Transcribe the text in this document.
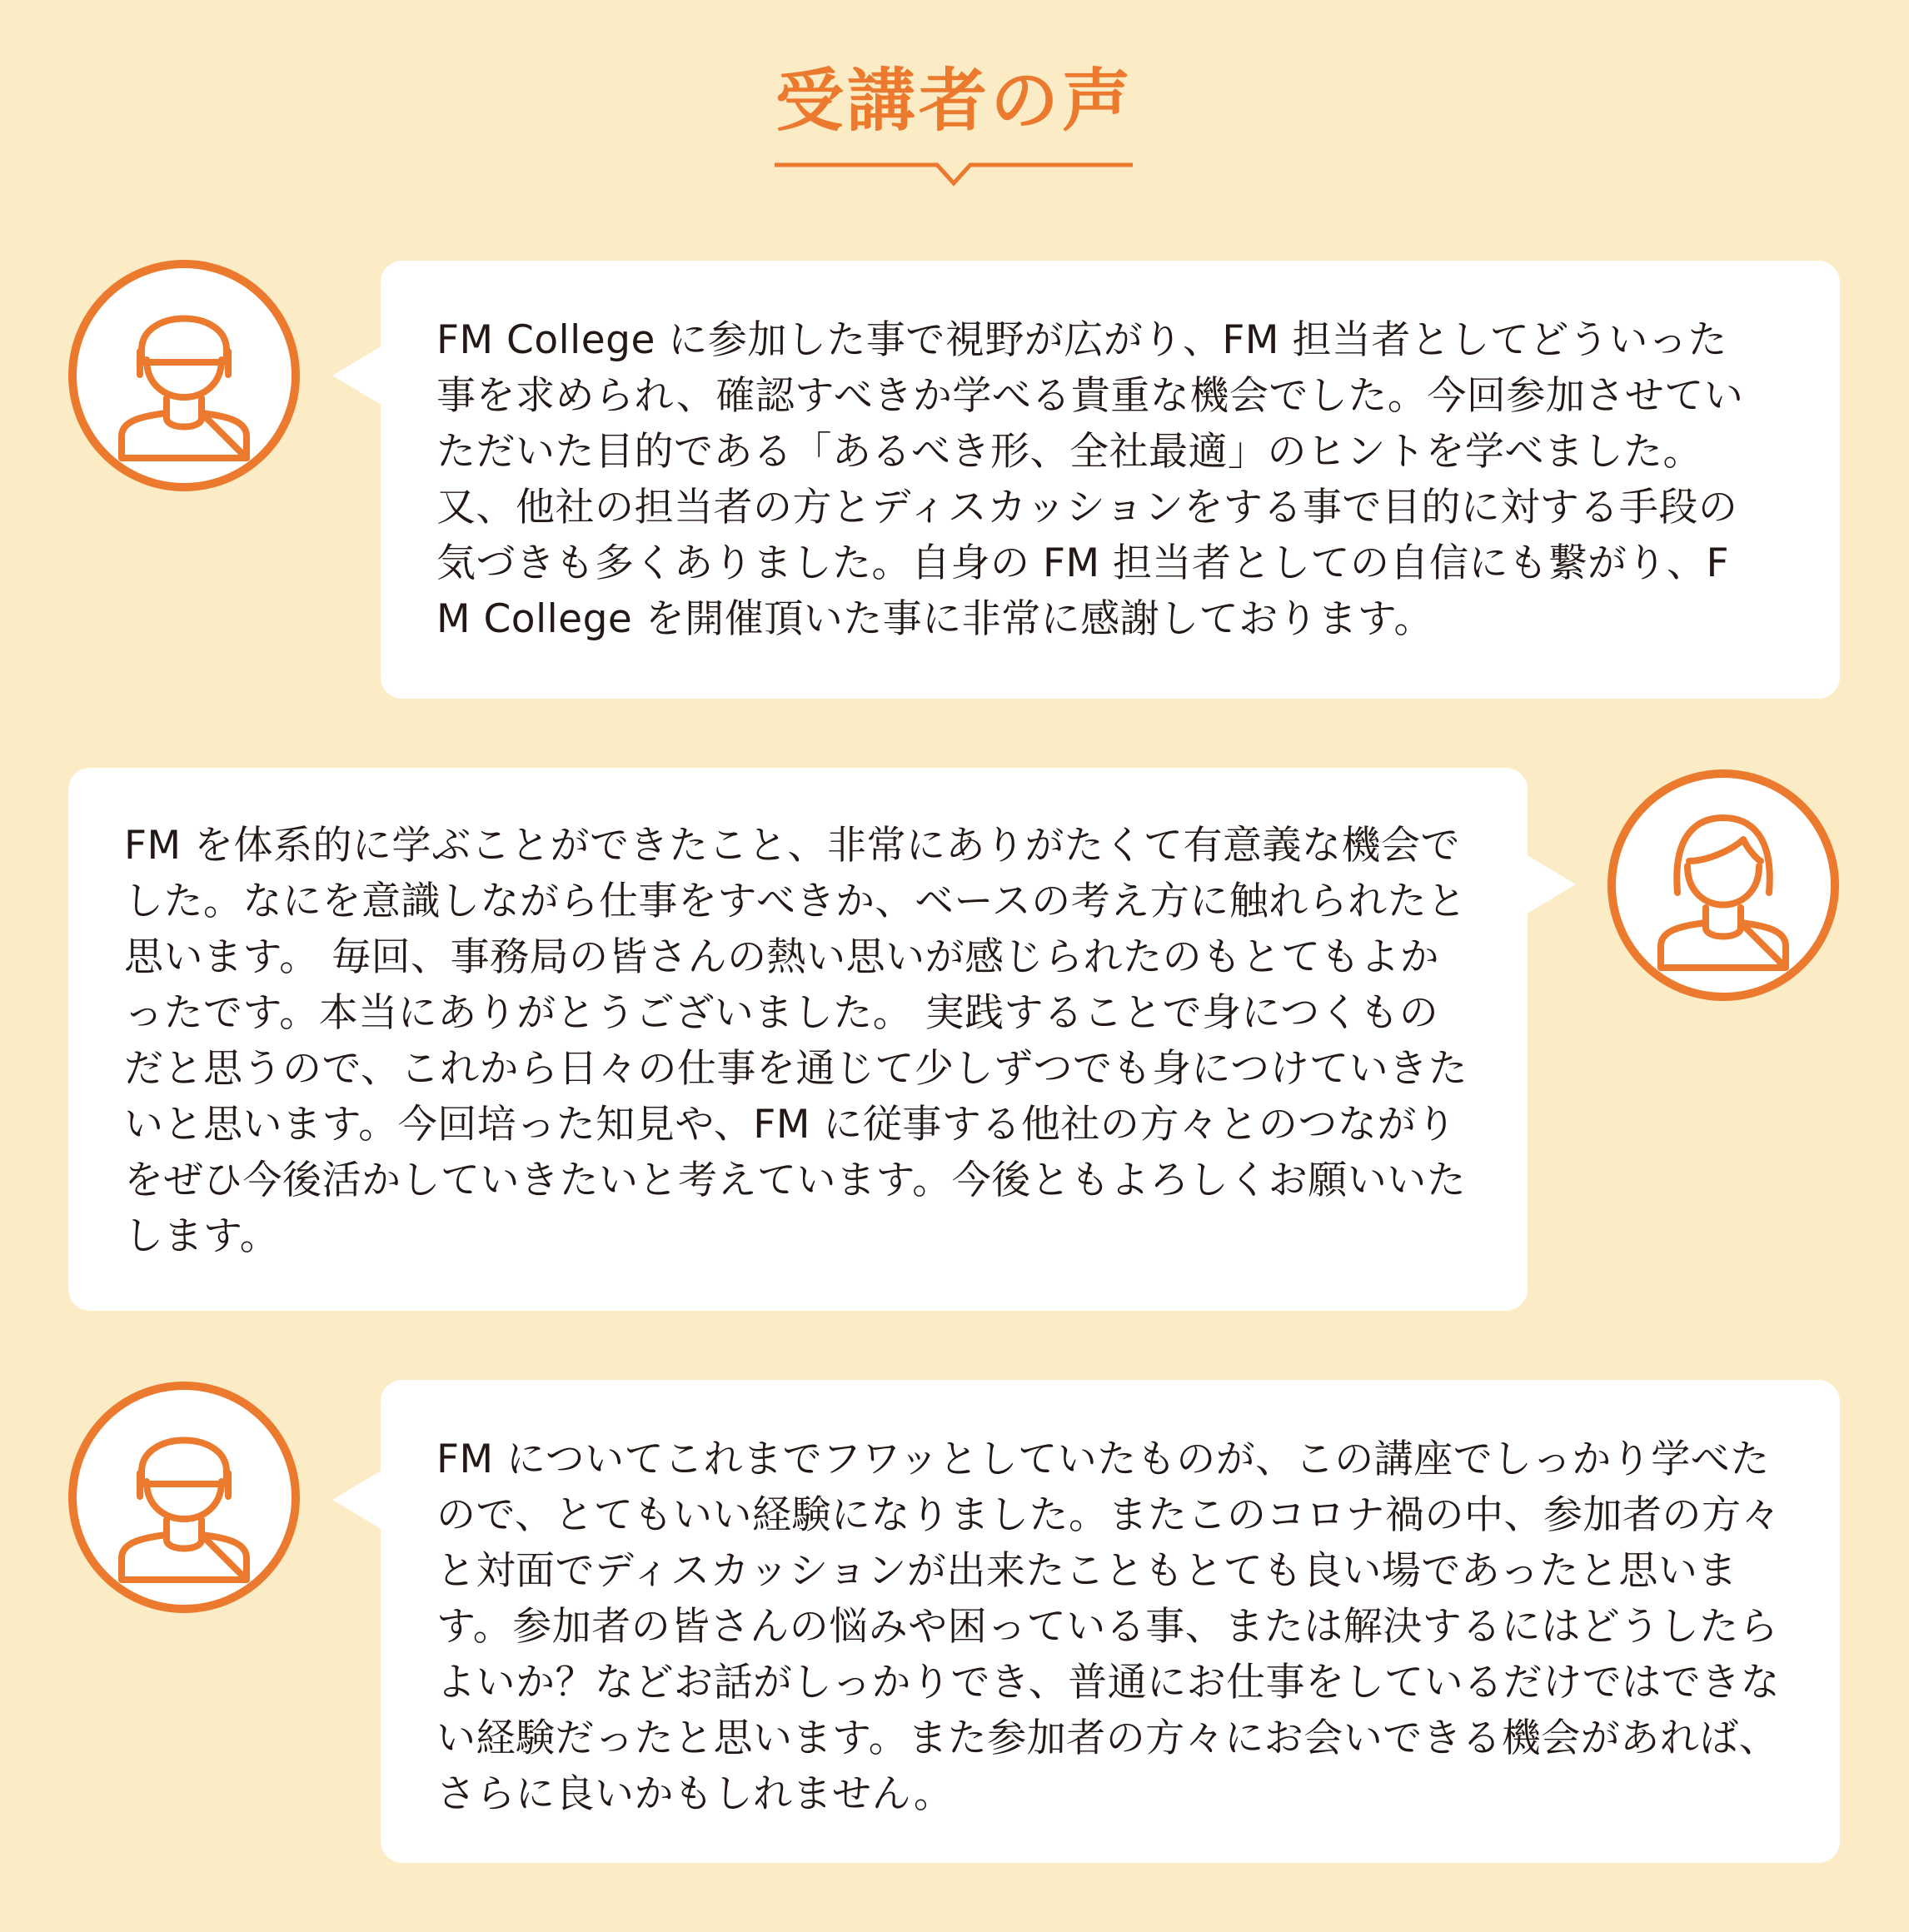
受講者の声

FM College に参加した事で視野が広がり、FM 担当者としてどういった事を求められ、確認すべきか学べる貴重な機会でした。今回参加させていただいた目的である「あるべき形、全社最適」のヒントを学べました。又、他社の担当者の方とディスカッションをする事で目的に対する手段の気づきも多くありました。自身の FM 担当者としての自信にも繋がり、FM College を開催頂いた事に非常に感謝しております。

FM を体系的に学ぶことができたこと、非常にありがたくて有意義な機会でした。なにを意識しながら仕事をすべきか、ベースの考え方に触れられたと思います。 毎回、事務局の皆さんの熱い思いが感じられたのもとてもよかったです。本当にありがとうございました。 実践することで身につくものだと思うので、これから日々の仕事を通じて少しずつでも身につけていきたいと思います。今回培った知見や、FM に従事する他社の方々とのつながりをぜひ今後活かしていきたいと考えています。今後ともよろしくお願いいたします。

FM についてこれまでフワッとしていたものが、この講座でしっかり学べたので、とてもいい経験になりました。またこのコロナ禍の中、参加者の方々と対面でディスカッションが出来たこともとても良い場であったと思います。参加者の皆さんの悩みや困っている事、または解決するにはどうしたらよいか？などお話がしっかりでき、普通にお仕事をしているだけではできない経験だったと思います。また参加者の方々にお会いできる機会があれば、さらに良いかもしれません。
